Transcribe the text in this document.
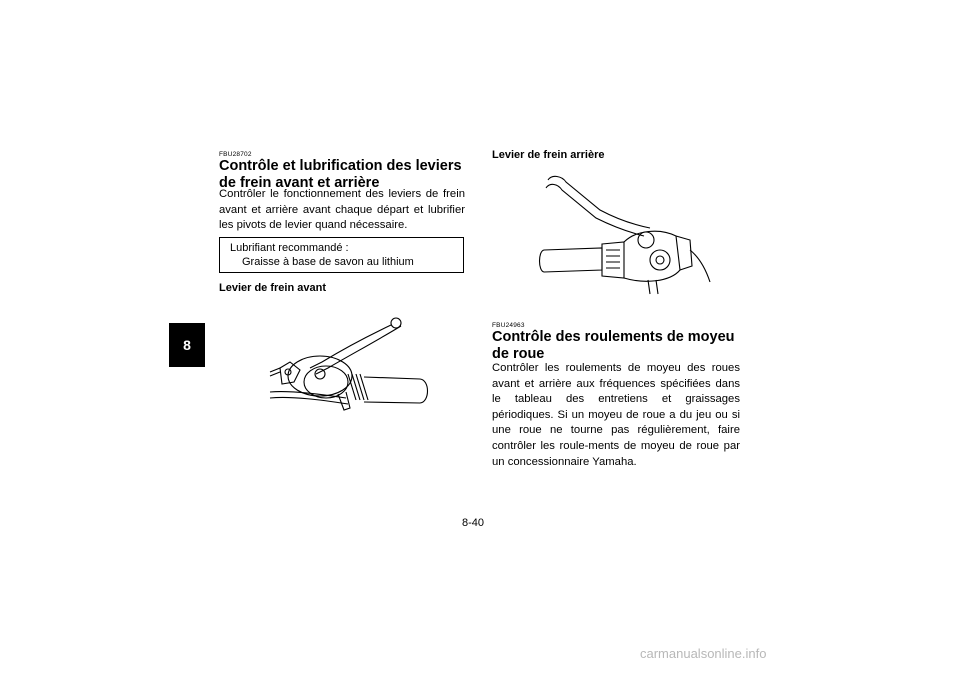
8
FBU28702
Contrôle et lubrification des leviers de frein avant et arrière

Contrôler le fonctionnement des leviers de frein avant et arrière avant chaque départ et lubrifier les pivots de levier quand nécessaire.

Lubrifiant recommandé :
Graisse à base de savon au lithium
Levier de frein avant
Levier de frein arrière
FBU24963
Contrôle des roulements de moyeu de roue

Contrôler les roulements de moyeu des roues avant et arrière aux fréquences spécifiées dans le tableau des entretiens et graissages périodiques. Si un moyeu de roue a du jeu ou si une roue ne tourne pas régulièrement, faire contrôler les roule-ments de moyeu de roue par un concessionnaire Yamaha.

8-40
carmanualsonline.info
